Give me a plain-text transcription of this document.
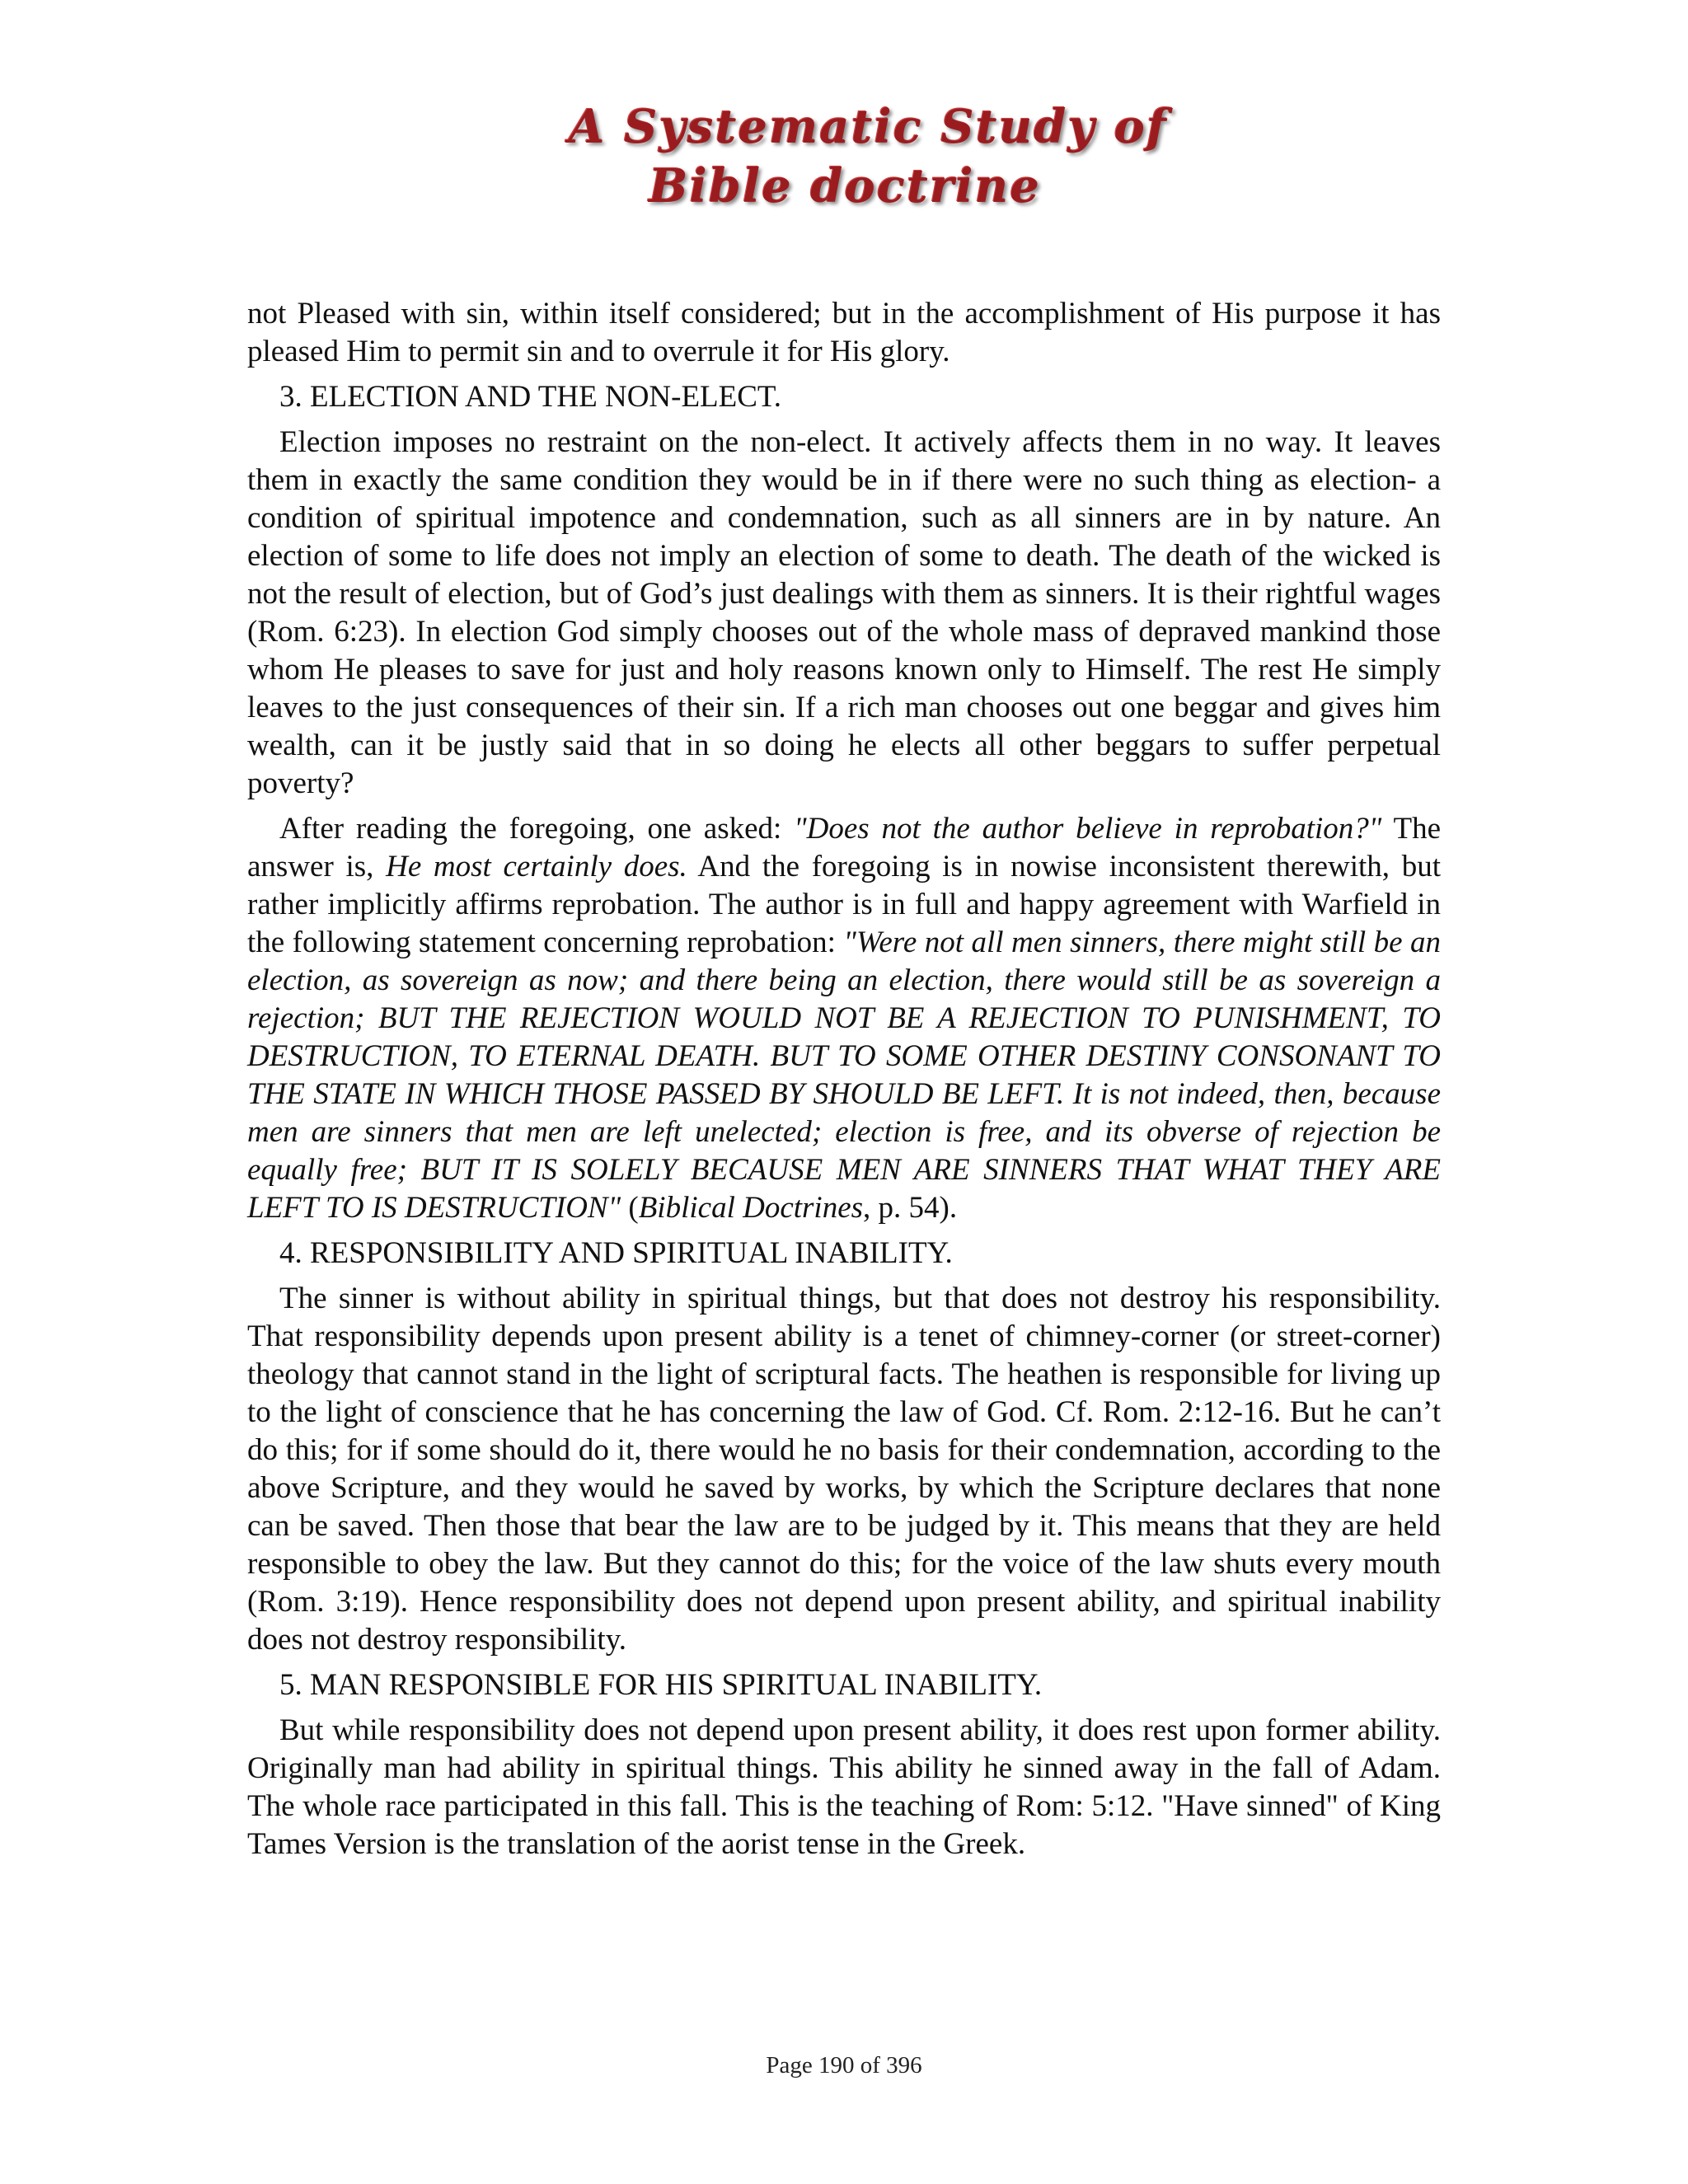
A Systematic Study of
Bible doctrine

not Pleased with sin, within itself considered; but in the accomplishment of His purpose it has pleased Him to permit sin and to overrule it for His glory.

3. ELECTION AND THE NON-ELECT.

Election imposes no restraint on the non-elect. It actively affects them in no way. It leaves them in exactly the same condition they would be in if there were no such thing as election- a condition of spiritual impotence and condemnation, such as all sinners are in by nature. An election of some to life does not imply an election of some to death. The death of the wicked is not the result of election, but of God’s just dealings with them as sinners. It is their rightful wages (Rom. 6:23). In election God simply chooses out of the whole mass of depraved mankind those whom He pleases to save for just and holy reasons known only to Himself. The rest He simply leaves to the just consequences of their sin. If a rich man chooses out one beggar and gives him wealth, can it be justly said that in so doing he elects all other beggars to suffer perpetual poverty?

After reading the foregoing, one asked: "Does not the author believe in reprobation?" The answer is, He most certainly does. And the foregoing is in nowise inconsistent therewith, but rather implicitly affirms reprobation. The author is in full and happy agreement with Warfield in the following statement concerning reprobation: "Were not all men sinners, there might still be an election, as sovereign as now; and there being an election, there would still be as sovereign a rejection; BUT THE REJECTION WOULD NOT BE A REJECTION TO PUNISHMENT, TO DESTRUCTION, TO ETERNAL DEATH. BUT TO SOME OTHER DESTINY CONSONANT TO THE STATE IN WHICH THOSE PASSED BY SHOULD BE LEFT. It is not indeed, then, because men are sinners that men are left unelected; election is free, and its obverse of rejection be equally free; BUT IT IS SOLELY BECAUSE MEN ARE SINNERS THAT WHAT THEY ARE LEFT TO IS DESTRUCTION" (Biblical Doctrines, p. 54).

4. RESPONSIBILITY AND SPIRITUAL INABILITY.

The sinner is without ability in spiritual things, but that does not destroy his responsibility. That responsibility depends upon present ability is a tenet of chimney-corner (or street-corner) theology that cannot stand in the light of scriptural facts. The heathen is responsible for living up to the light of conscience that he has concerning the law of God. Cf. Rom. 2:12-16. But he can’t do this; for if some should do it, there would he no basis for their condemnation, according to the above Scripture, and they would he saved by works, by which the Scripture declares that none can be saved. Then those that bear the law are to be judged by it. This means that they are held responsible to obey the law. But they cannot do this; for the voice of the law shuts every mouth (Rom. 3:19). Hence responsibility does not depend upon present ability, and spiritual inability does not destroy responsibility.

5. MAN RESPONSIBLE FOR HIS SPIRITUAL INABILITY.

But while responsibility does not depend upon present ability, it does rest upon former ability. Originally man had ability in spiritual things. This ability he sinned away in the fall of Adam. The whole race participated in this fall. This is the teaching of Rom: 5:12. "Have sinned" of King Tames Version is the translation of the aorist tense in the Greek.

Page 190 of 396
